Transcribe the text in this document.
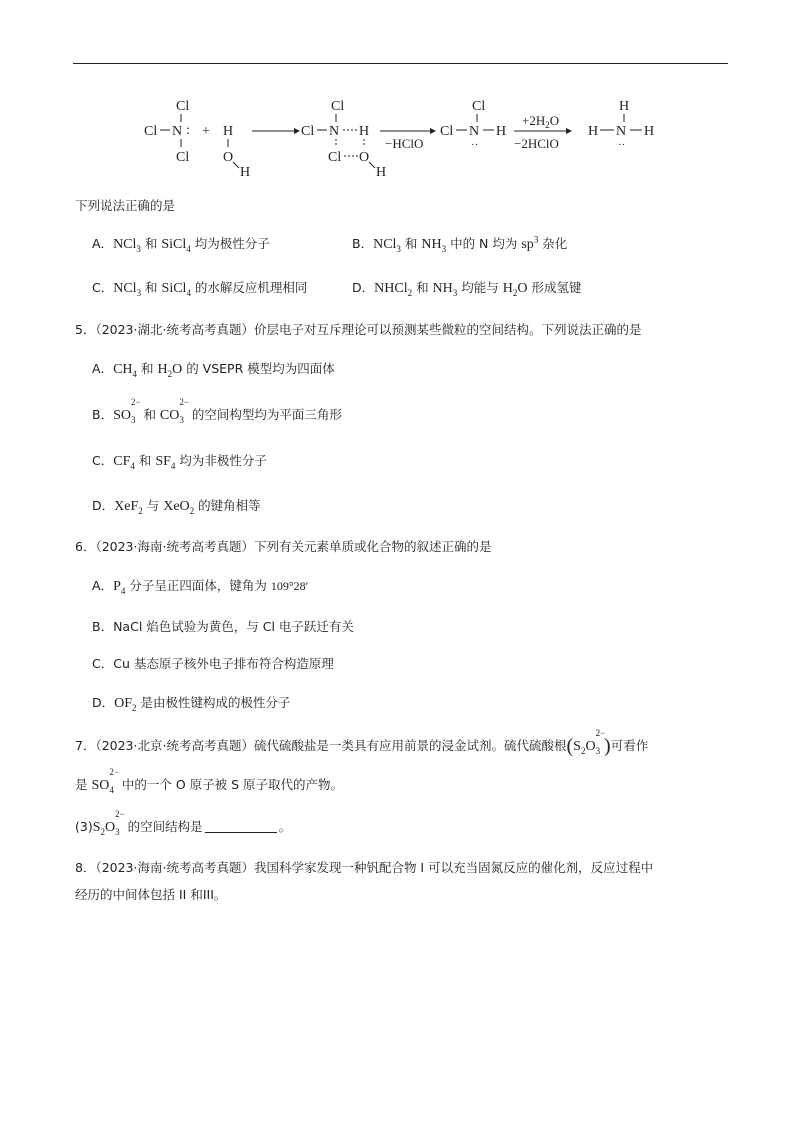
Cl
Cl N :
Cl
+ H
O
H
Cl
Cl N H
Cl O
H
−HClO
Cl
Cl N H
··
$+2H_2O$
−2HClO
H
H N H
··
下列说法正确的是
A．NCl$_3$ 和 SiCl$_4$ 均为极性分子	B．NCl$_3$ 和 $NH_3$ 中的 N 均为 $sp^3$ 杂化
C．NCl$_3$ 和 SiCl$_4$ 的水解反应机理相同	D．NHCl$_2$ 和 $NH_3$ 均能与 $H_2O$ 形成氢键
5．（2023·湖北·统考高考真题）价层电子对互斥理论可以预测某些微粒的空间结构。下列说法正确的是
A．$CH_4$ 和 $H_2O$ 的 VSEPR 模型均为四面体
B．SO
2−
$_3$  和 CO
2−
$_3$  的空间构型均为平面三角形
C．$CF_4$ 和 $SF_4$ 均为非极性分子
D．XeF$_2$ 与 XeO$_2$ 的键角相等
6．（2023·海南·统考高考真题）下列有关元素单质或化合物的叙述正确的是
A．$P_4$ 分子呈正四面体，键角为 109°28′
B．NaCl 焰色试验为黄色，与 Cl 电子跃迁有关
C．Cu 基态原子核外电子排布符合构造原理
D．$OF_2$ 是由极性键构成的极性分子
7．（2023·北京·统考高考真题）硫代硫酸盐是一类具有应用前景的浸金试剂。硫代硫酸根($S_2O$
2−
$_3$ )可看作
是 SO
2−
$_4$  中的一个 O 原子被 S 原子取代的产物。
$(3)S_2O$
2−
$_3$  的空间结构是	。
8．（2023·海南·统考高考真题）我国科学家发现一种钒配合物 I 可以充当固氮反应的催化剂，反应过程中
经历的中间体包括 II 和III。
